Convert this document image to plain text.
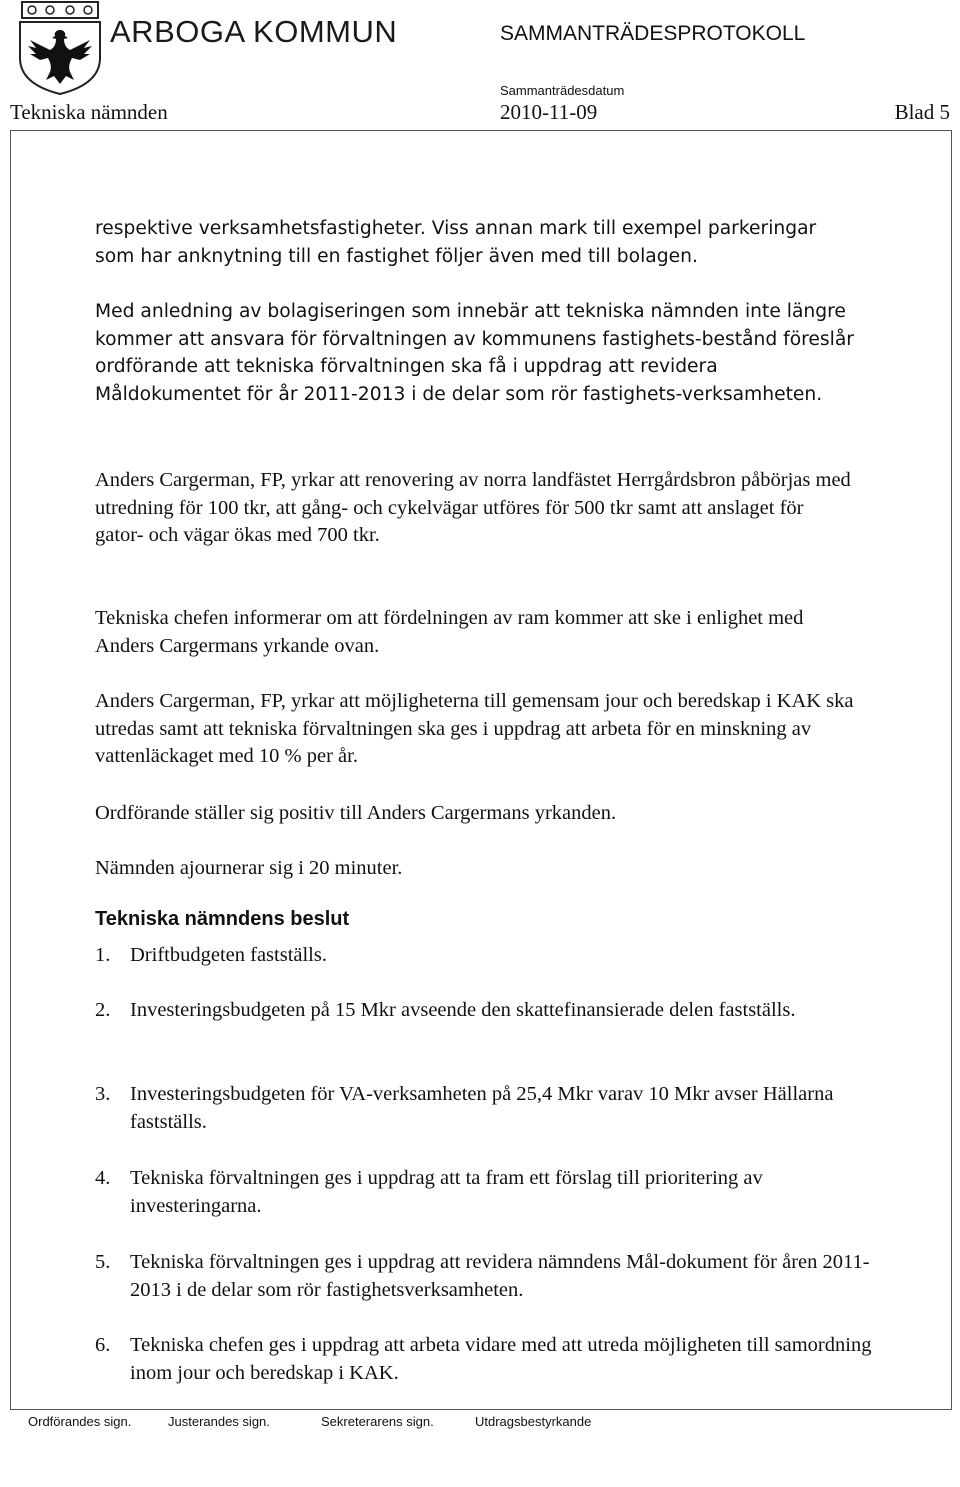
ARBOGA KOMMUN	SAMMANTRÄDESPROTOKOLL
Sammanträdesdatum
Tekniska nämnden	2010-11-09	Blad 5
respektive verksamhetsfastigheter. Viss annan mark till exempel parkeringar som har anknytning till en fastighet följer även med till bolagen.
Med anledning av bolagiseringen som innebär att tekniska nämnden inte längre kommer att ansvara för förvaltningen av kommunens fastighets-bestånd föreslår ordförande att tekniska förvaltningen ska få i uppdrag att revidera Måldokumentet för år 2011-2013 i de delar som rör fastighets-verksamheten.
Anders Cargerman, FP, yrkar att renovering av norra landfästet Herrgårdsbron påbörjas med utredning för 100 tkr, att gång- och cykelvägar utföres för 500 tkr samt att anslaget för gator- och vägar ökas med 700 tkr.
Tekniska chefen informerar om att fördelningen av ram kommer att ske i enlighet med Anders Cargermans yrkande ovan.
Anders Cargerman, FP, yrkar att möjligheterna till gemensam jour och beredskap i KAK ska utredas samt att tekniska förvaltningen ska ges i uppdrag att arbeta för en minskning av vattenläckaget med 10 % per år.
Ordförande ställer sig positiv till Anders Cargermans yrkanden.
Nämnden ajournerar sig i 20 minuter.
Tekniska nämndens beslut
1. Driftbudgeten fastställs.
2. Investeringsbudgeten på 15 Mkr avseende den skattefinansierade delen fastställs.
3. Investeringsbudgeten för VA-verksamheten på 25,4 Mkr varav 10 Mkr avser Hällarna fastställs.
4. Tekniska förvaltningen ges i uppdrag att ta fram ett förslag till prioritering av investeringarna.
5. Tekniska förvaltningen ges i uppdrag att revidera nämndens Mål-dokument för åren 2011-2013 i de delar som rör fastighetsverksamheten.
6. Tekniska chefen ges i uppdrag att arbeta vidare med att utreda möjligheten till samordning inom jour och beredskap i KAK.
Ordförandes sign.	Justerandes sign.	Sekreterarens sign.	Utdragsbestyrkande
